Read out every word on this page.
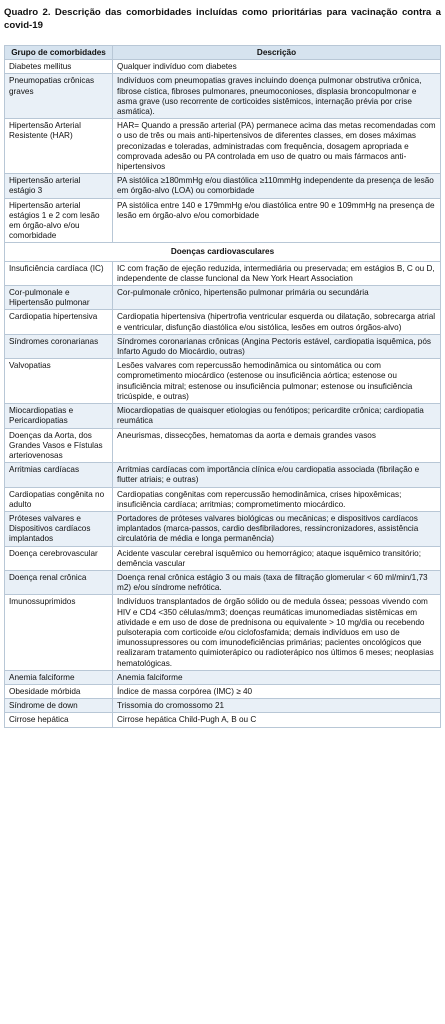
Quadro 2. Descrição das comorbidades incluídas como prioritárias para vacinação contra a covid-19
Grupo de comorbidades	Descrição
Diabetes mellitus	Qualquer indivíduo com diabetes
Pneumopatias crônicas graves	Indivíduos com pneumopatias graves incluindo doença pulmonar obstrutiva crônica, fibrose cística, fibroses pulmonares, pneumoconioses, displasia broncopulmonar e asma grave (uso recorrente de corticoides sistêmicos, internação prévia por crise asmática).
Hipertensão Arterial Resistente (HAR)	HAR= Quando a pressão arterial (PA) permanece acima das metas recomendadas com o uso de três ou mais anti-hipertensivos de diferentes classes, em doses máximas preconizadas e toleradas, administradas com frequência, dosagem apropriada e comprovada adesão ou PA controlada em uso de quatro ou mais fármacos anti-hipertensivos
Hipertensão arterial estágio 3	PA sistólica ≥180mmHg e/ou diastólica ≥110mmHg independente da presença de lesão em órgão-alvo (LOA) ou comorbidade
Hipertensão arterial estágios 1 e 2 com lesão em órgão-alvo e/ou comorbidade	PA sistólica entre 140 e 179mmHg e/ou diastólica entre 90 e 109mmHg na presença de lesão em órgão-alvo e/ou comorbidade
Doenças cardiovasculares	
Insuficiência cardíaca (IC)	IC com fração de ejeção reduzida, intermediária ou preservada; em estágios B, C ou D, independente de classe funcional da New York Heart Association
Cor-pulmonale e Hipertensão pulmonar	Cor-pulmonale crônico, hipertensão pulmonar primária ou secundária
Cardiopatia hipertensiva	Cardiopatia hipertensiva (hipertrofia ventricular esquerda ou dilatação, sobrecarga atrial e ventricular, disfunção diastólica e/ou sistólica, lesões em outros órgãos-alvo)
Síndromes coronarianas	Síndromes coronarianas crônicas (Angina Pectoris estável, cardiopatia isquêmica, pós Infarto Agudo do Miocárdio, outras)
Valvopatias	Lesões valvares com repercussão hemodinâmica ou sintomática ou com comprometimento miocárdico (estenose ou insuficiência aórtica; estenose ou insuficiência mitral; estenose ou insuficiência pulmonar; estenose ou insuficiência tricúspide, e outras)
Miocardiopatias e Pericardiopatias	Miocardiopatias de quaisquer etiologias ou fenótipos; pericardite crônica; cardiopatia reumática
Doenças da Aorta, dos Grandes Vasos e Fístulas arteriovenosas	Aneurismas, dissecções, hematomas da aorta e demais grandes vasos
Arritmias cardíacas	Arritmias cardíacas com importância clínica e/ou cardiopatia associada (fibrilação e flutter atriais; e outras)
Cardiopatias congênita no adulto	Cardiopatias congênitas com repercussão hemodinâmica, crises hipoxêmicas; insuficiência cardíaca; arritmias; comprometimento miocárdico.
Próteses valvares e Dispositivos cardíacos implantados	Portadores de próteses valvares biológicas ou mecânicas; e dispositivos cardíacos implantados (marca-passos, cardio desfibriladores, ressincronizadores, assistência circulatória de média e longa permanência)
Doença cerebrovascular	Acidente vascular cerebral isquêmico ou hemorrágico; ataque isquêmico transitório; demência vascular
Doença renal crônica	Doença renal crônica estágio 3 ou mais (taxa de filtração glomerular < 60 ml/min/1,73 m2) e/ou síndrome nefrótica.
Imunossuprimidos	Indivíduos transplantados de órgão sólido ou de medula óssea; pessoas vivendo com HIV e CD4 <350 células/mm3; doenças reumáticas imunomediadas sistêmicas em atividade e em uso de dose de prednisona ou equivalente > 10 mg/dia ou recebendo pulsoterapia com corticoide e/ou ciclofosfamida; demais indivíduos em uso de imunossupressores ou com imunodeficiências primárias; pacientes oncológicos que realizaram tratamento quimioterápico ou radioterápico nos últimos 6 meses; neoplasias hematológicas.
Anemia falciforme	Anemia falciforme
Obesidade mórbida	Índice de massa corpórea (IMC) ≥ 40
Síndrome de down	Trissomia do cromossomo 21
Cirrose hepática	Cirrose hepática Child-Pugh A, B ou C
